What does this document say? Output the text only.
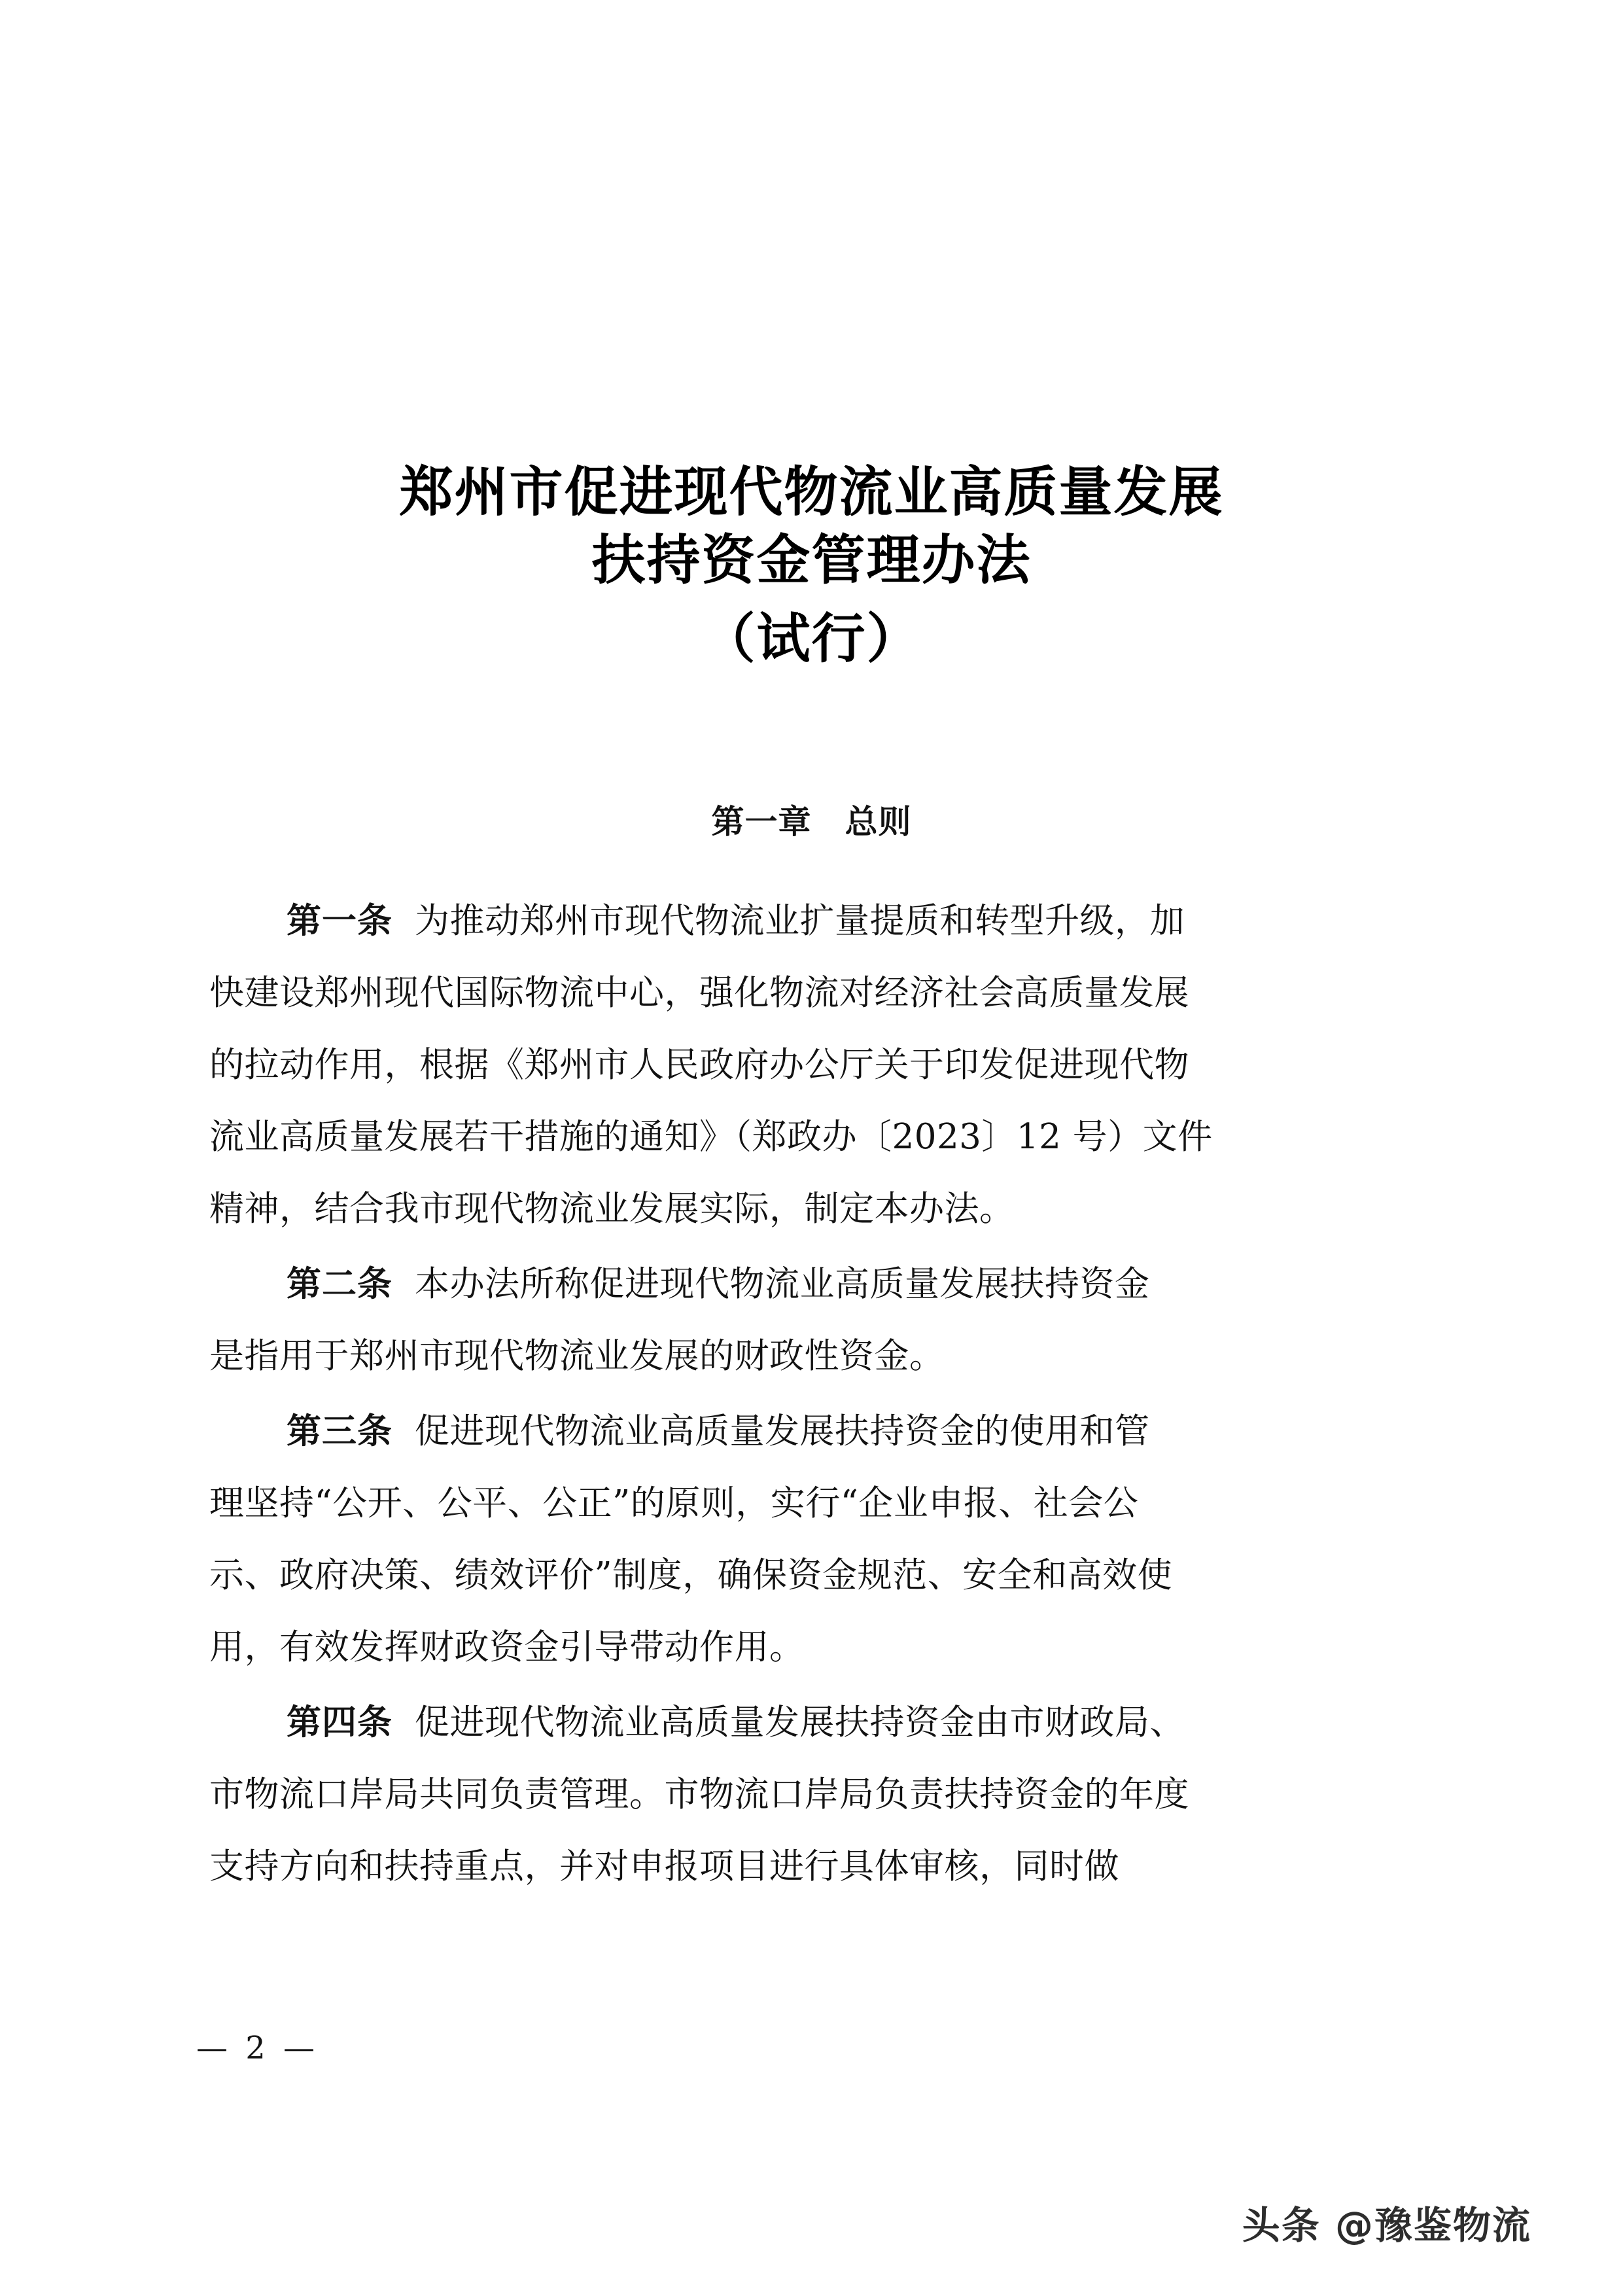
郑州市促进现代物流业高质量发展
扶持资金管理办法
（试行）
第一章　总则
第一条 为推动郑州市现代物流业扩量提质和转型升级，加
快建设郑州现代国际物流中心，强化物流对经济社会高质量发展
的拉动作用，根据《郑州市人民政府办公厅关于印发促进现代物
流业高质量发展若干措施的通知》（郑政办〔2023〕12 号）文件
精神，结合我市现代物流业发展实际，制定本办法。
第二条 本办法所称促进现代物流业高质量发展扶持资金
是指用于郑州市现代物流业发展的财政性资金。
第三条 促进现代物流业高质量发展扶持资金的使用和管
理坚持“公开、公平、公正”的原则，实行“企业申报、社会公
示、政府决策、绩效评价”制度，确保资金规范、安全和高效使
用，有效发挥财政资金引导带动作用。
第四条 促进现代物流业高质量发展扶持资金由市财政局、
市物流口岸局共同负责管理。市物流口岸局负责扶持资金的年度
支持方向和扶持重点，并对申报项目进行具体审核，同时做
— 2 —
头条 @豫鉴物流
